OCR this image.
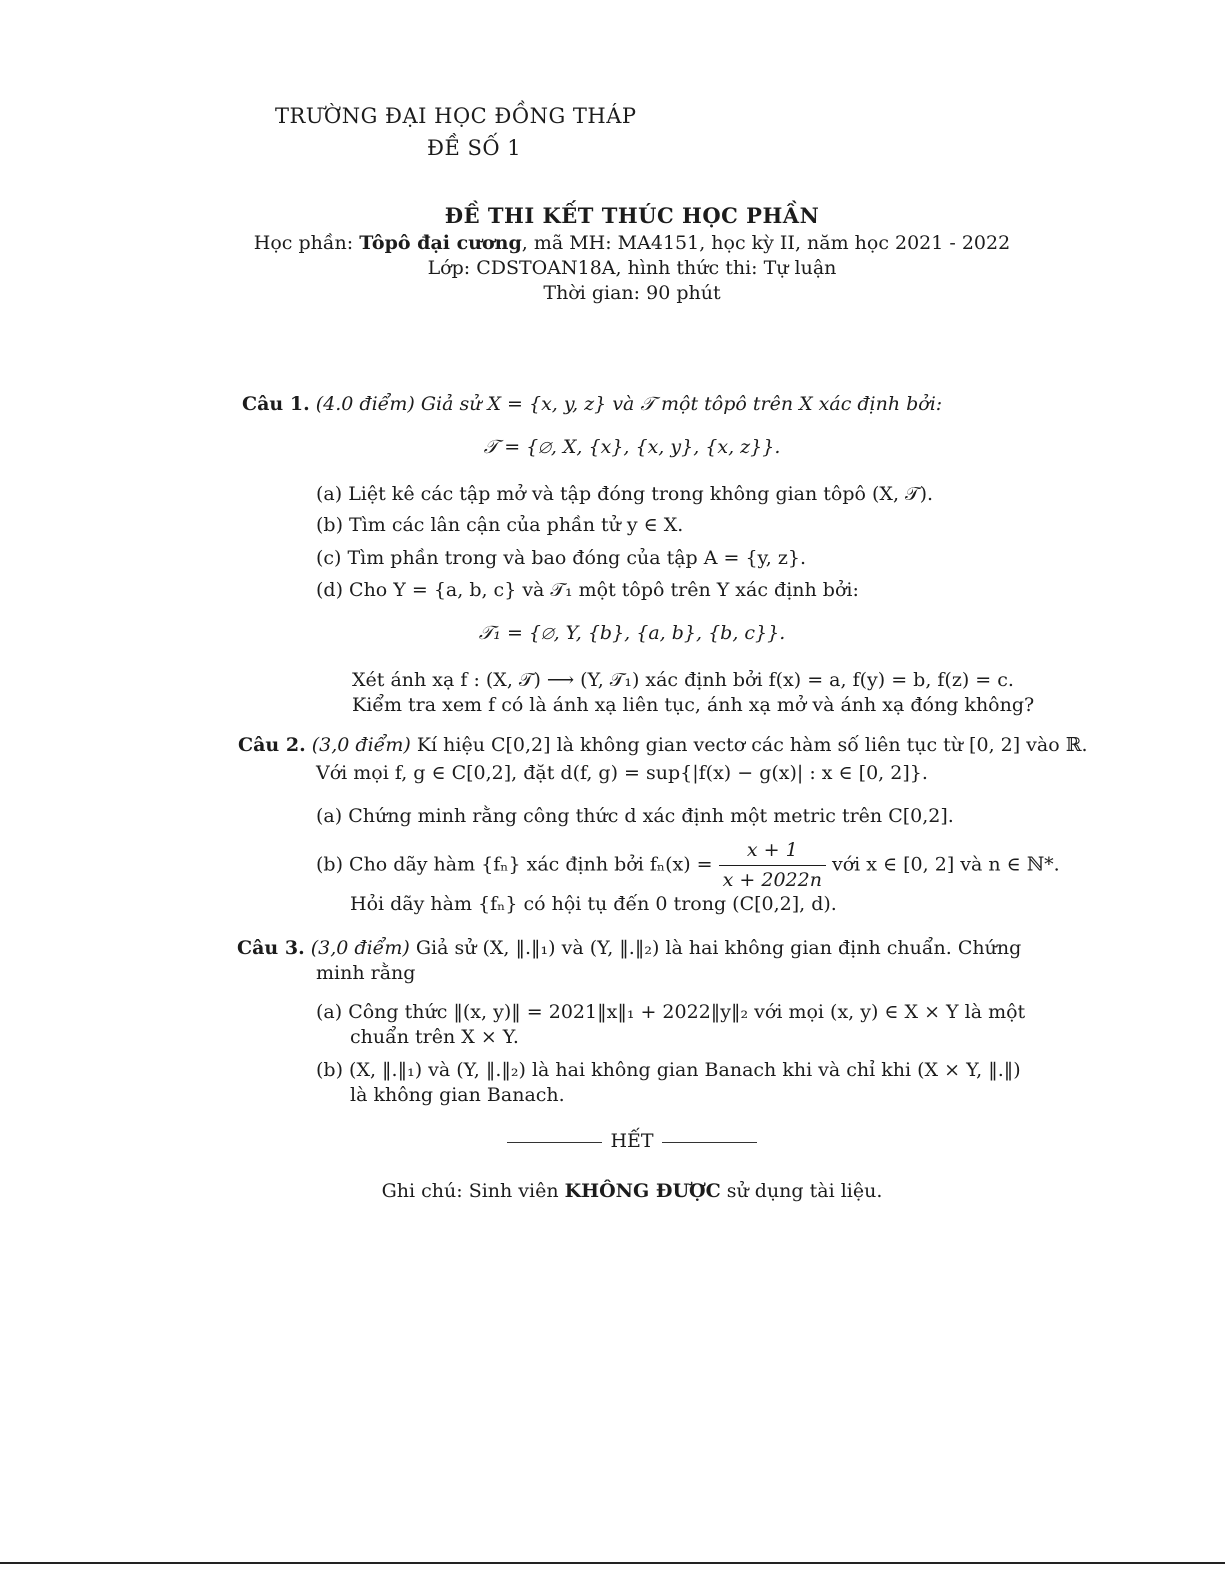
TRƯỜNG ĐẠI HỌC ĐỒNG THÁP
ĐỀ SỐ 1
ĐỀ THI KẾT THÚC HỌC PHẦN
Học phần: Tôpô đại cương, mã MH: MA4151, học kỳ II, năm học 2021 - 2022
Lớp: CDSTOAN18A, hình thức thi: Tự luận
Thời gian: 90 phút
Câu 1. (4.0 điểm) Giả sử X = {x, y, z} và 𝒯 một tôpô trên X xác định bởi:
𝒯 = {∅, X, {x}, {x, y}, {x, z}}.
(a) Liệt kê các tập mở và tập đóng trong không gian tôpô (X, 𝒯).
(b) Tìm các lân cận của phần tử y ∈ X.
(c) Tìm phần trong và bao đóng của tập A = {y, z}.
(d) Cho Y = {a, b, c} và 𝒯₁ một tôpô trên Y xác định bởi:
𝒯₁ = {∅, Y, {b}, {a, b}, {b, c}}.
Xét ánh xạ f : (X, 𝒯) ⟶ (Y, 𝒯₁) xác định bởi f(x) = a, f(y) = b, f(z) = c.
Kiểm tra xem f có là ánh xạ liên tục, ánh xạ mở và ánh xạ đóng không?
Câu 2. (3,0 điểm) Kí hiệu C[0,2] là không gian vectơ các hàm số liên tục từ [0, 2] vào ℝ.
Với mọi f, g ∈ C[0,2], đặt d(f, g) = sup{|f(x) − g(x)| : x ∈ [0, 2]}.
(a) Chứng minh rằng công thức d xác định một metric trên C[0,2].
(b) Cho dãy hàm {fₙ} xác định bởi $f_n(x) = \frac{x + 1}{x + 2022n}$ với x ∈ [0, 2] và n ∈ ℕ*.
Hỏi dãy hàm {fₙ} có hội tụ đến 0 trong (C[0,2], d).
Câu 3. (3,0 điểm) Giả sử (X, ‖.‖₁) và (Y, ‖.‖₂) là hai không gian định chuẩn. Chứng
minh rằng
(a) Công thức ‖(x, y)‖ = 2021‖x‖₁ + 2022‖y‖₂ với mọi (x, y) ∈ X × Y là một
chuẩn trên X × Y.
(b) (X, ‖.‖₁) và (Y, ‖.‖₂) là hai không gian Banach khi và chỉ khi (X × Y, ‖.‖)
là không gian Banach.
HẾT
Ghi chú: Sinh viên KHÔNG ĐƯỢC sử dụng tài liệu.
